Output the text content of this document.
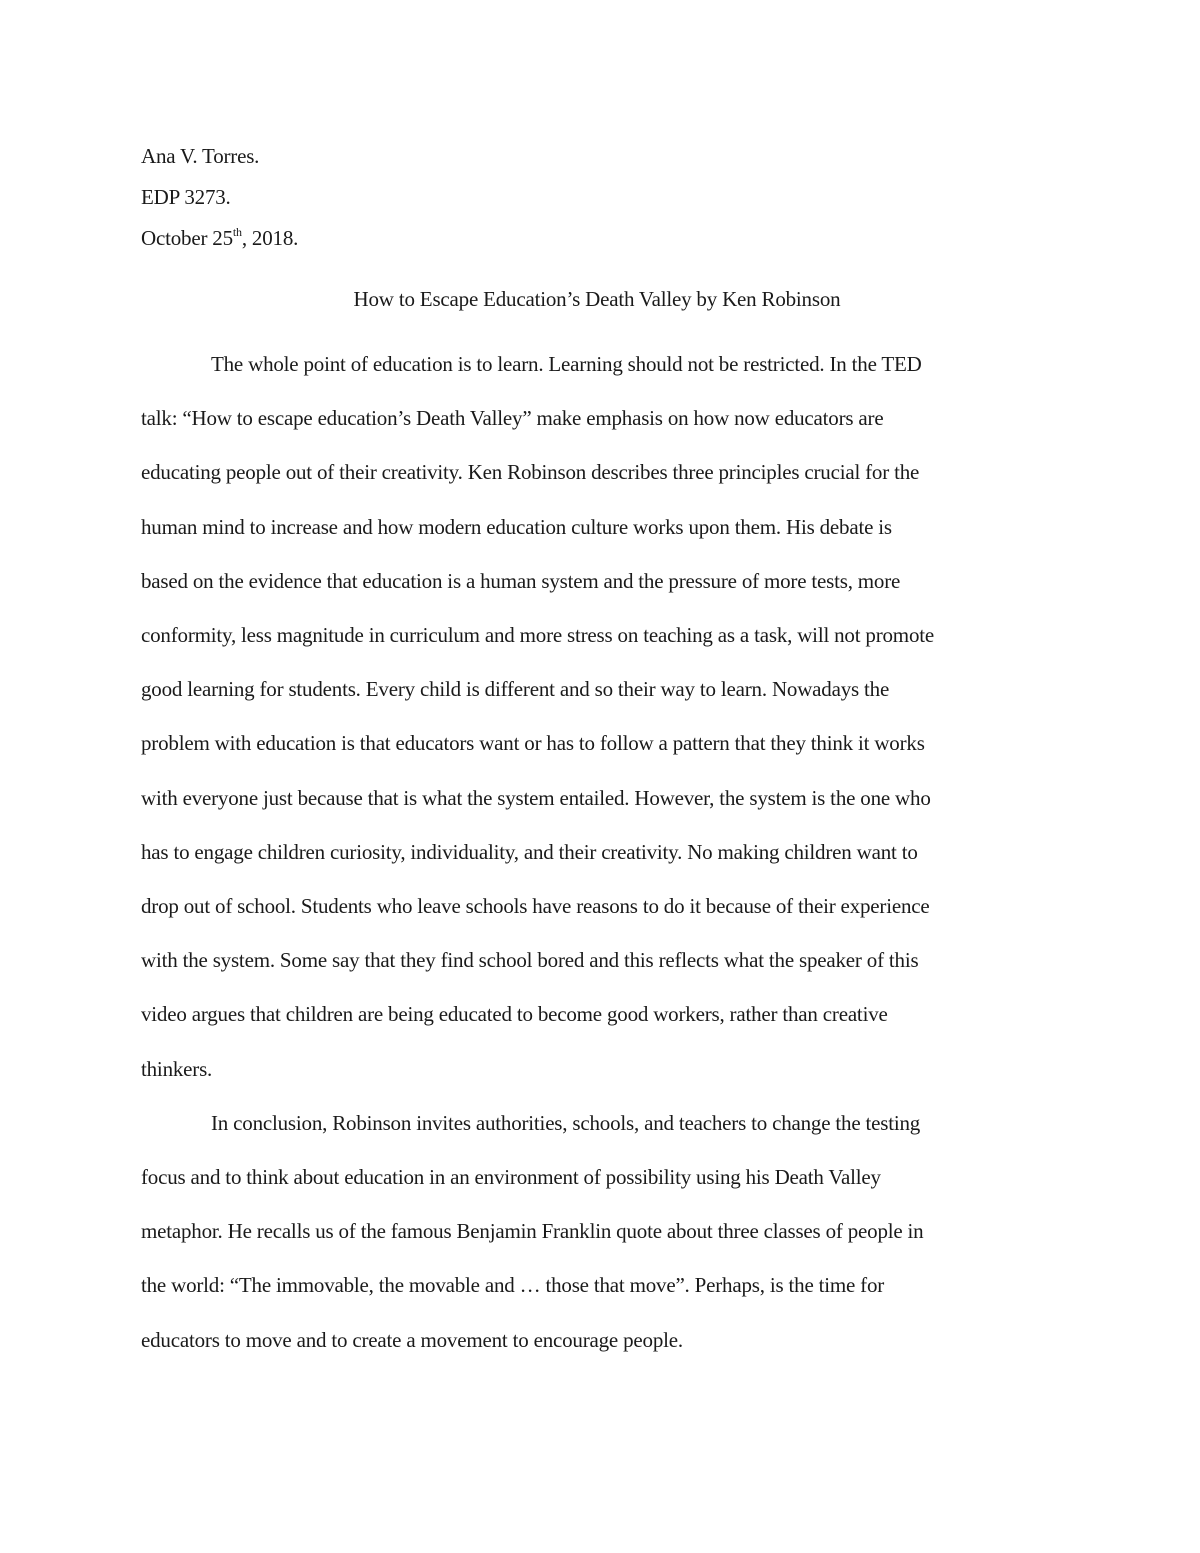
Ana V. Torres.
EDP 3273.
October 25th, 2018.
How to Escape Education’s Death Valley by Ken Robinson

The whole point of education is to learn. Learning should not be restricted. In the TED
talk: “How to escape education’s Death Valley” make emphasis on how now educators are
educating people out of their creativity. Ken Robinson describes three principles crucial for the
human mind to increase and how modern education culture works upon them. His debate is
based on the evidence that education is a human system and the pressure of more tests, more
conformity, less magnitude in curriculum and more stress on teaching as a task, will not promote
good learning for students. Every child is different and so their way to learn. Nowadays the
problem with education is that educators want or has to follow a pattern that they think it works
with everyone just because that is what the system entailed. However, the system is the one who
has to engage children curiosity, individuality, and their creativity. No making children want to
drop out of school. Students who leave schools have reasons to do it because of their experience
with the system. Some say that they find school bored and this reflects what the speaker of this
video argues that children are being educated to become good workers, rather than creative
thinkers.

In conclusion, Robinson invites authorities, schools, and teachers to change the testing
focus and to think about education in an environment of possibility using his Death Valley
metaphor. He recalls us of the famous Benjamin Franklin quote about three classes of people in
the world: “The immovable, the movable and … those that move”. Perhaps, is the time for
educators to move and to create a movement to encourage people.
